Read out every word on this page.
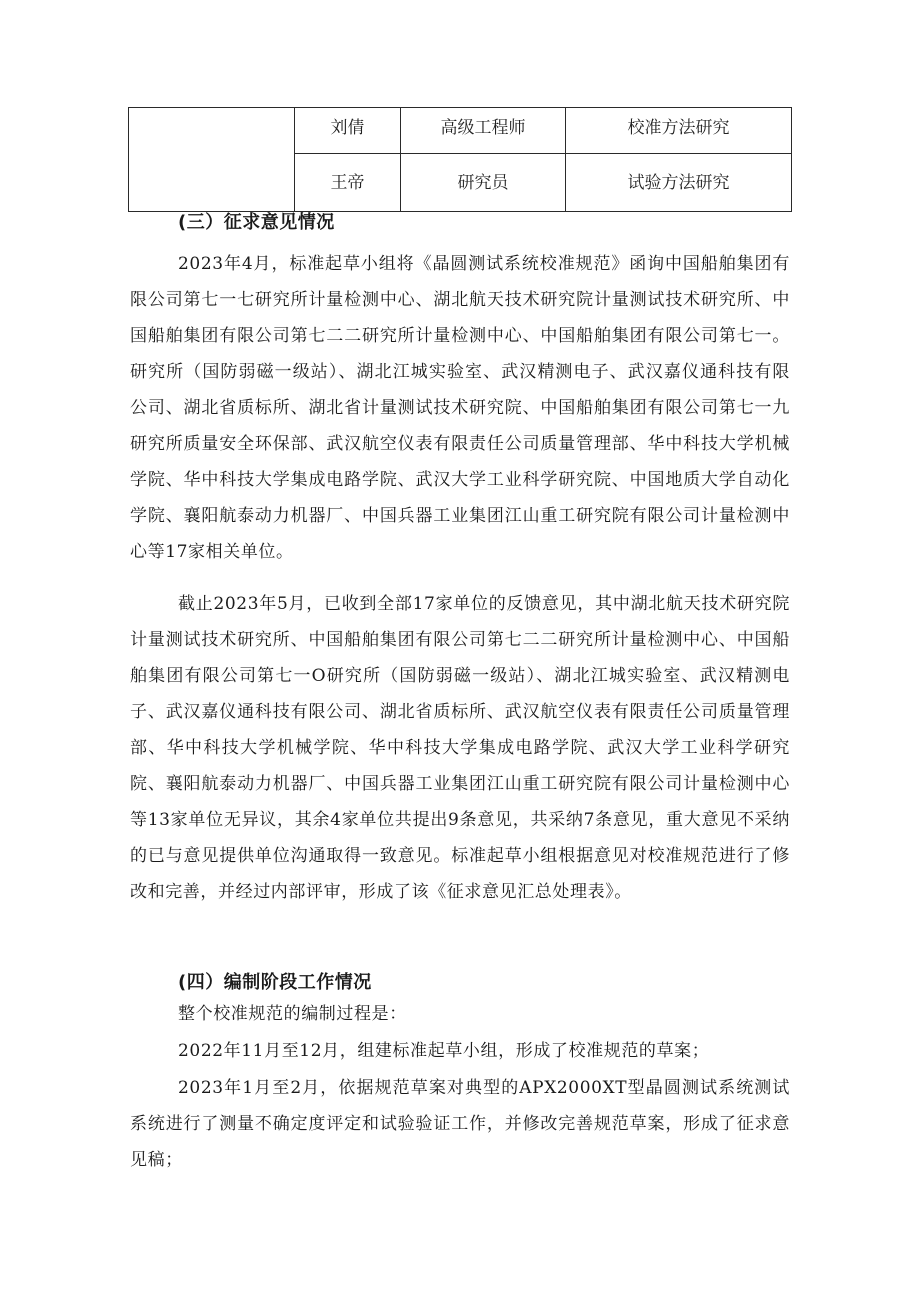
	刘倩	高级工程师	校准方法研究
	王帝	研究员	试验方法研究
(三）征求意见情况

2023年4月，标准起草小组将《晶圆测试系统校准规范》函询中国船舶集团有限公司第七一七研究所计量检测中心、湖北航天技术研究院计量测试技术研究所、中国船舶集团有限公司第七二二研究所计量检测中心、中国船舶集团有限公司第七一。研究所（国防弱磁一级站）、湖北江城实验室、武汉精测电子、武汉嘉仪通科技有限公司、湖北省质标所、湖北省计量测试技术研究院、中国船舶集团有限公司第七一九研究所质量安全环保部、武汉航空仪表有限责任公司质量管理部、华中科技大学机械学院、华中科技大学集成电路学院、武汉大学工业科学研究院、中国地质大学自动化学院、襄阳航泰动力机器厂、中国兵器工业集团江山重工研究院有限公司计量检测中心等17家相关单位。

截止2023年5月，已收到全部17家单位的反馈意见，其中湖北航天技术研究院计量测试技术研究所、中国船舶集团有限公司第七二二研究所计量检测中心、中国船舶集团有限公司第七一O研究所（国防弱磁一级站）、湖北江城实验室、武汉精测电子、武汉嘉仪通科技有限公司、湖北省质标所、武汉航空仪表有限责任公司质量管理部、华中科技大学机械学院、华中科技大学集成电路学院、武汉大学工业科学研究院、襄阳航泰动力机器厂、中国兵器工业集团江山重工研究院有限公司计量检测中心等13家单位无异议，其余4家单位共提出9条意见，共采纳7条意见，重大意见不采纳的已与意见提供单位沟通取得一致意见。标准起草小组根据意见对校准规范进行了修改和完善，并经过内部评审，形成了该《征求意见汇总处理表》。

(四）编制阶段工作情况

整个校准规范的编制过程是：

2022年11月至12月，组建标准起草小组，形成了校准规范的草案；

2023年1月至2月，依据规范草案对典型的APX2000XT型晶圆测试系统测试系统进行了测量不确定度评定和试验验证工作，并修改完善规范草案，形成了征求意见稿；
